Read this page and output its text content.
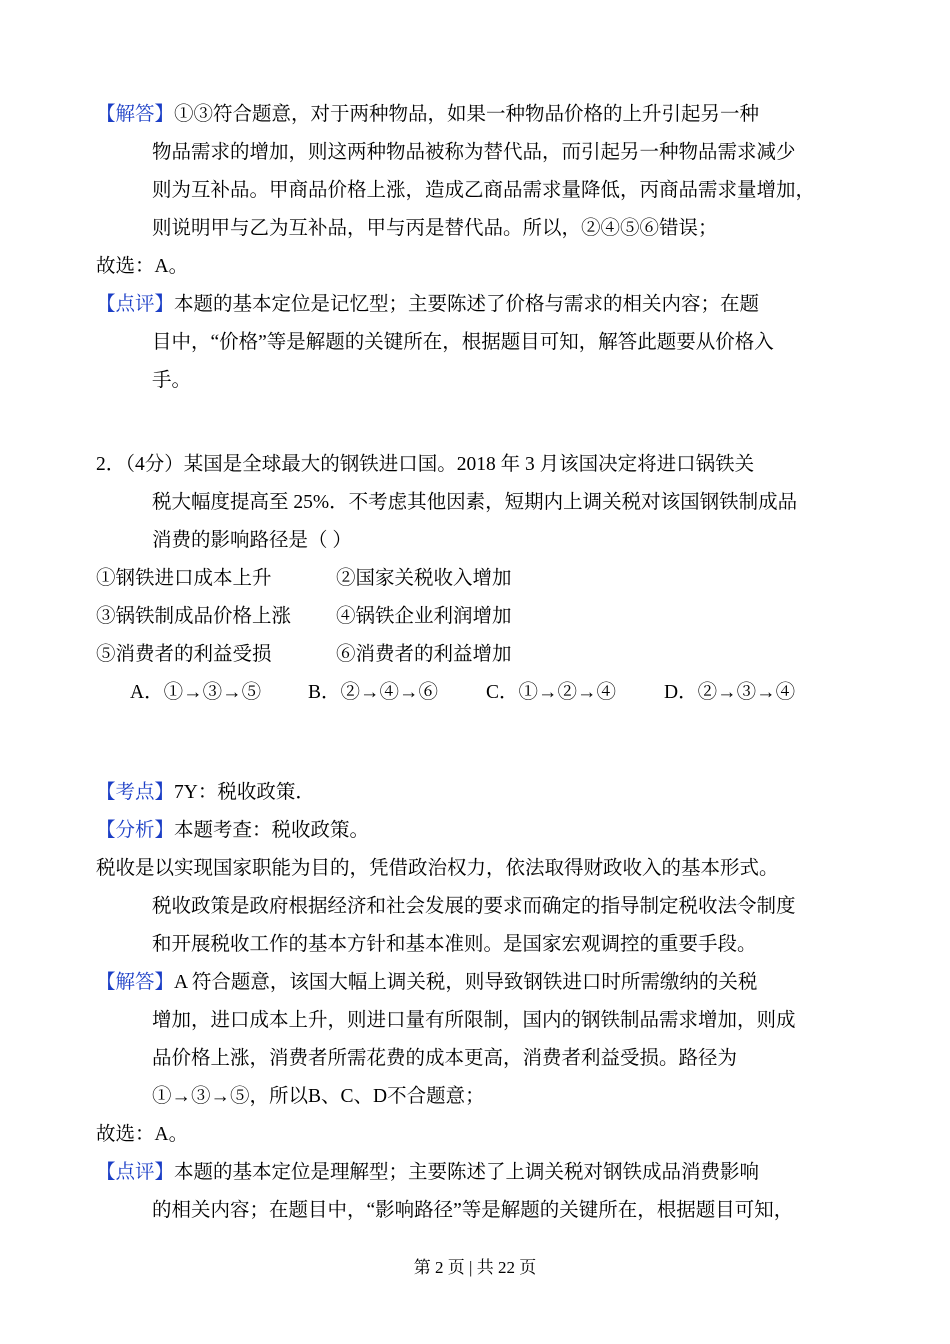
【解答】①③符合题意，对于两种物品，如果一种物品价格的上升引起另一种
物品需求的增加，则这两种物品被称为替代品，而引起另一种物品需求减少
则为互补品。甲商品价格上涨，造成乙商品需求量降低，丙商品需求量增加，
则说明甲与乙为互补品，甲与丙是替代品。所以，②④⑤⑥错误；
故选：A。
【点评】本题的基本定位是记忆型；主要陈述了价格与需求的相关内容；在题
目中，“价格”等是解题的关键所在，根据题目可知，解答此题要从价格入
手。
2．（4分）某国是全球最大的钢铁进口国。2018 年 3 月该国决定将进口锅铁关
税大幅度提高至 25%．不考虑其他因素，短期内上调关税对该国钢铁制成品
消费的影响路径是（ ）
①钢铁进口成本上升	②国家关税收入增加
③锅铁制成品价格上涨	④锅铁企业利润增加
⑤消费者的利益受损	⑥消费者的利益增加
A．①→③→⑤	B．②→④→⑥	C．①→②→④	D．②→③→④
【考点】7Y：税收政策．
【分析】本题考查：税收政策。
税收是以实现国家职能为目的，凭借政治权力，依法取得财政收入的基本形式。
税收政策是政府根据经济和社会发展的要求而确定的指导制定税收法令制度
和开展税收工作的基本方针和基本准则。是国家宏观调控的重要手段。
【解答】A 符合题意，该国大幅上调关税，则导致钢铁进口时所需缴纳的关税
增加，进口成本上升，则进口量有所限制，国内的钢铁制品需求增加，则成
品价格上涨，消费者所需花费的成本更高，消费者利益受损。路径为
①→③→⑤，所以B、C、D不合题意；
故选：A。
【点评】本题的基本定位是理解型；主要陈述了上调关税对钢铁成品消费影响
的相关内容；在题目中，“影响路径”等是解题的关键所在，根据题目可知，
第 2 页 | 共 22 页
